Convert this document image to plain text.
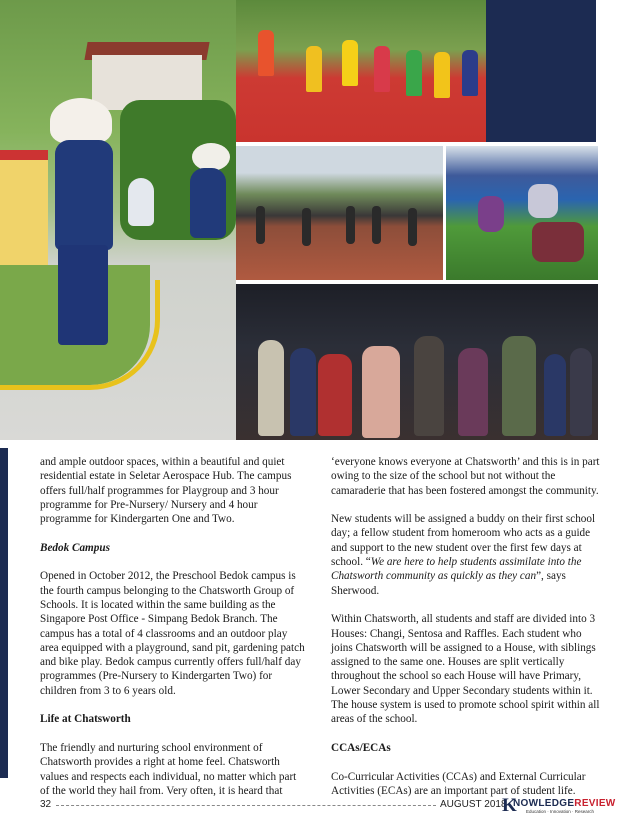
and ample outdoor spaces, within a beautiful and quiet residential estate in Seletar Aerospace Hub. The campus offers full/half programmes for Playgroup and 3 hour programme for Pre-Nursery/ Nursery and 4 hour programme for Kindergarten One and Two.

Bedok Campus

Opened in October 2012, the Preschool Bedok campus is the fourth campus belonging to the Chatsworth Group of Schools. It is located within the same building as the Singapore Post Office - Simpang Bedok Branch. The campus has a total of 4 classrooms and an outdoor play area equipped with a playground, sand pit, gardening patch and bike play. Bedok campus currently offers full/half day programmes (Pre-Nursery to Kindergarten Two) for children from 3 to 6 years old.

Life at Chatsworth

The friendly and nurturing school environment of Chatsworth provides a right at home feel. Chatsworth values and respects each individual, no matter which part of the world they hail from. Very often, it is heard that

‘everyone knows everyone at Chatsworth’ and this is in part owing to the size of the school but not without the camaraderie that has been fostered amongst the community.

New students will be assigned a buddy on their first school day; a fellow student from homeroom who acts as a guide and support to the new student over the first few days at school. “We are here to help students assimilate into the Chatsworth community as quickly as they can”, says Sherwood.

Within Chatsworth, all students and staff are divided into 3 Houses: Changi, Sentosa and Raffles. Each student who joins Chatsworth will be assigned to a House, with siblings assigned to the same one. Houses are split vertically throughout the school so each House will have Primary, Lower Secondary and Upper Secondary students within it. The house system is used to promote school spirit within all areas of the school.

CCAs/ECAs

Co-Curricular Activities (CCAs) and External Curricular Activities (ECAs) are an important part of student life.

32	AUGUST 2018
K
NOWLEDGEREVIEW
Education · Innovation · Research
